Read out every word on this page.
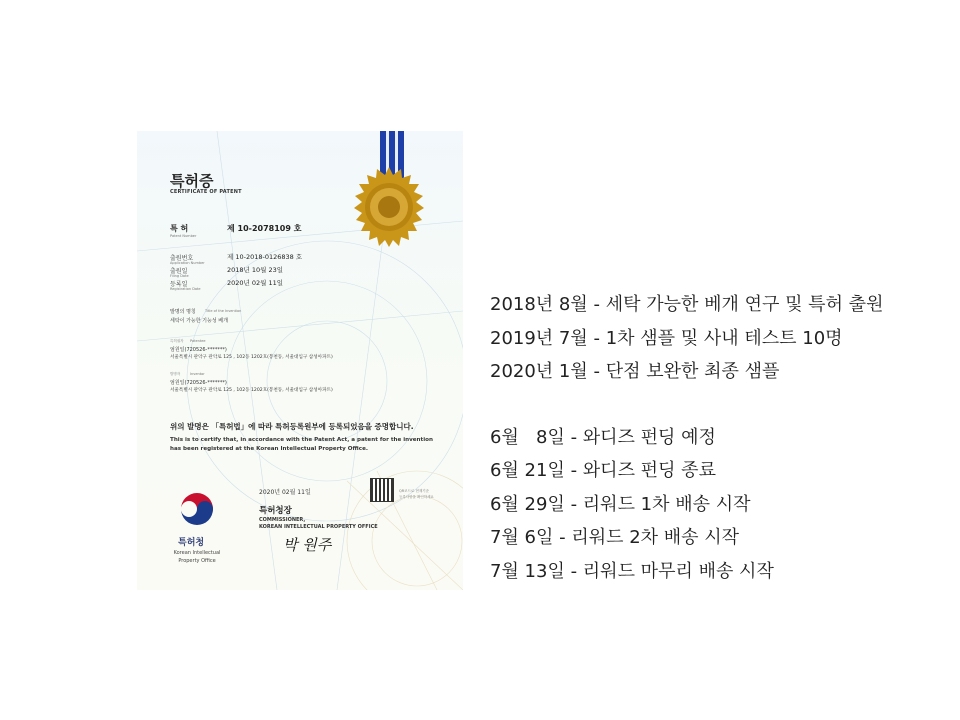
특허증
CERTIFICATE OF PATENT
특 허
Patent Number
제 10-2078109 호
출원번호
Application Number
제 10-2018-0126838 호
출원일
Filing Date
2018년 10월 23일
등록일
Registration Date
2020년 02월 11일
발명의 명칭	Title of the Invention
세탁이 가능한 기능성 베개
특허권자 Patentee
엄원일(720526-*******)
서울특별시 관악구 관악로 125 , 102동 1202호(봉천동, 서울대입구 삼성아파트)
발명자	Inventor
엄원일(720526-*******)
서울특별시 관악구 관악로 125 , 102동 1202호(봉천동, 서울대입구 삼성아파트)
위의 발명은 「특허법」에 따라 특허등록원부에 등록되었음을 증명합니다.
This is to certify that, in accordance with the Patent Act, a patent for the invention
has been registered at the Korean Intellectual Property Office.
특허청
Korean Intellectual
Property Office
2020년 02월 11일	QR코드로 현재기준
등록사항을 확인하세요
특허청장
COMMISSIONER,
KOREAN INTELLECTUAL PROPERTY OFFICE
박 원주
2018년 8월 - 세탁 가능한 베개 연구 및 특허 출원
2019년 7월 - 1차 샘플 및 사내 테스트 10명
2020년 1월 - 단점 보완한 최종 샘플
6월   8일 - 와디즈 펀딩 예정
6월 21일 - 와디즈 펀딩 종료
6월 29일 - 리워드 1차 배송 시작
7월 6일 - 리워드 2차 배송 시작
7월 13일 - 리워드 마무리 배송 시작
